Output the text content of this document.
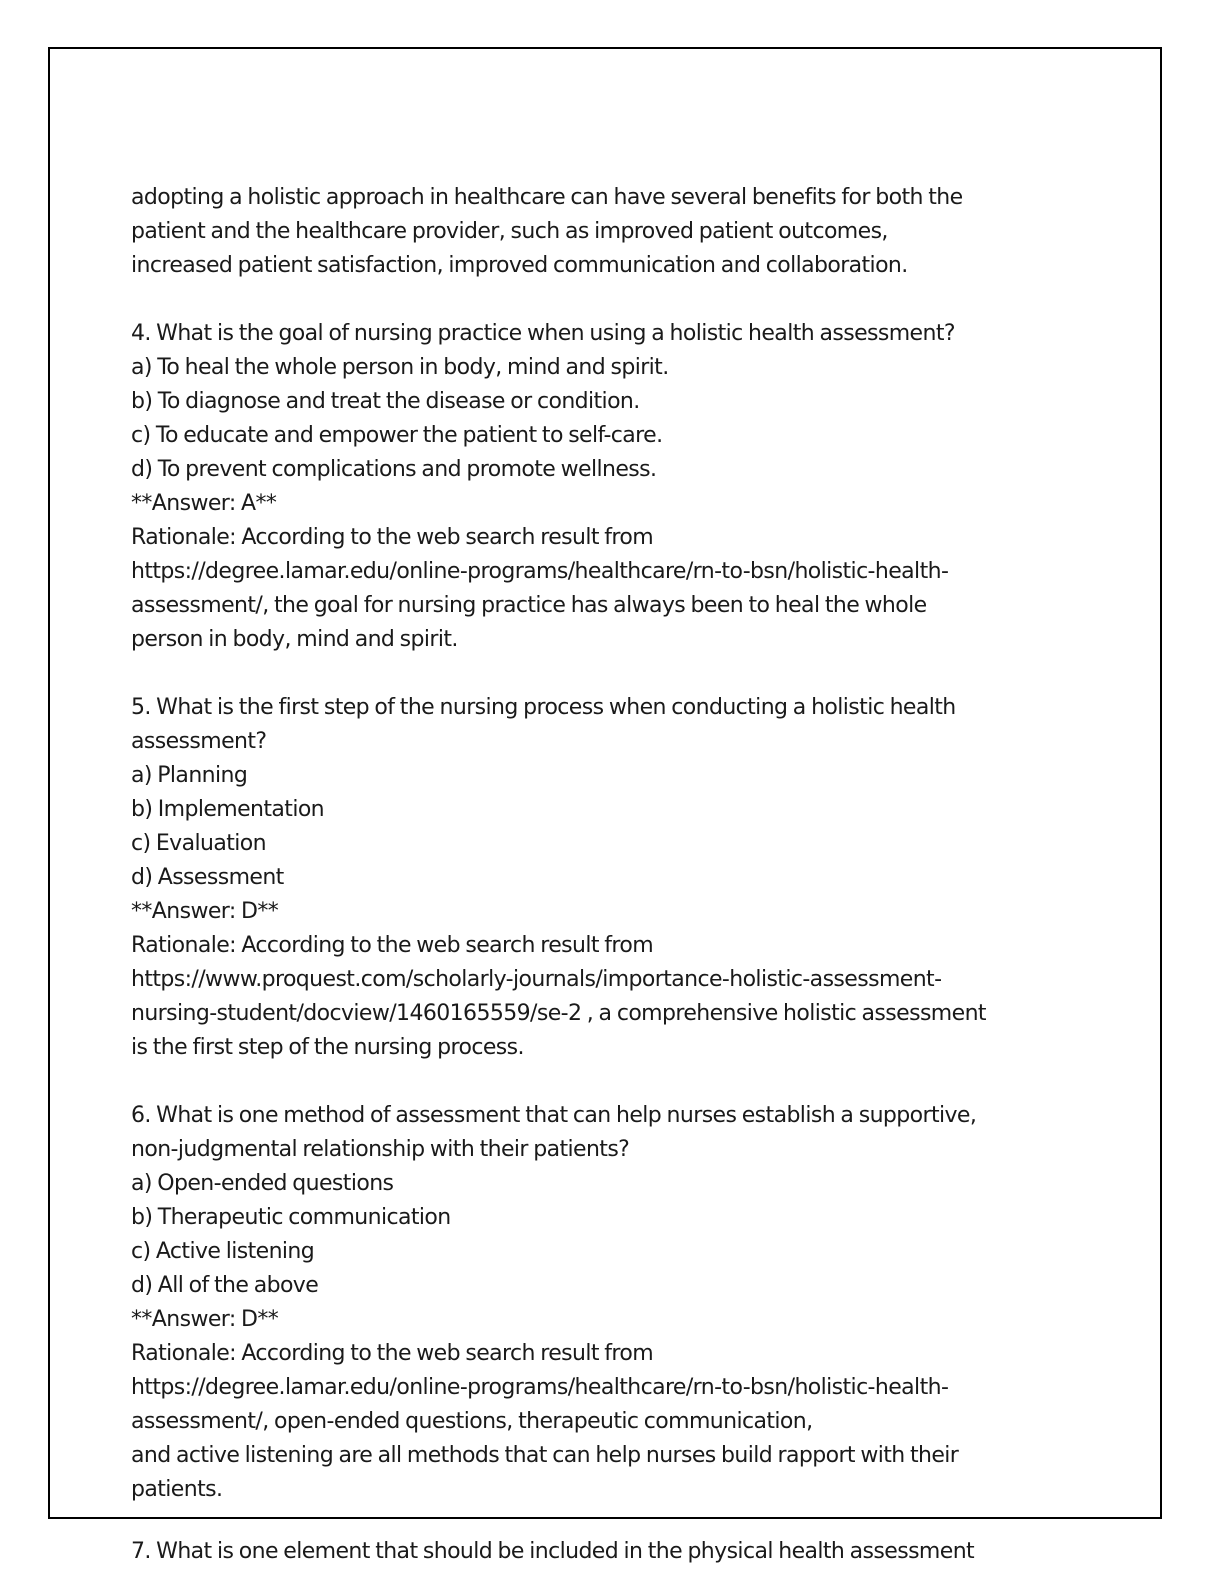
adopting a holistic approach in healthcare can have several benefits for both the
patient and the healthcare provider, such as improved patient outcomes,
increased patient satisfaction, improved communication and collaboration.
4. What is the goal of nursing practice when using a holistic health assessment?
a) To heal the whole person in body, mind and spirit.
b) To diagnose and treat the disease or condition.
c) To educate and empower the patient to self-care.
d) To prevent complications and promote wellness.
**Answer: A**
Rationale: According to the web search result from
https://degree.lamar.edu/online-programs/healthcare/rn-to-bsn/holistic-health-
assessment/, the goal for nursing practice has always been to heal the whole
person in body, mind and spirit.
5. What is the first step of the nursing process when conducting a holistic health
assessment?
a) Planning
b) Implementation
c) Evaluation
d) Assessment
**Answer: D**
Rationale: According to the web search result from
https://www.proquest.com/scholarly-journals/importance-holistic-assessment-
nursing-student/docview/1460165559/se-2 , a comprehensive holistic assessment
is the first step of the nursing process.
6. What is one method of assessment that can help nurses establish a supportive,
non-judgmental relationship with their patients?
a) Open-ended questions
b) Therapeutic communication
c) Active listening
d) All of the above
**Answer: D**
Rationale: According to the web search result from
https://degree.lamar.edu/online-programs/healthcare/rn-to-bsn/holistic-health-
assessment/, open-ended questions, therapeutic communication,
and active listening are all methods that can help nurses build rapport with their
patients.
7. What is one element that should be included in the physical health assessment
